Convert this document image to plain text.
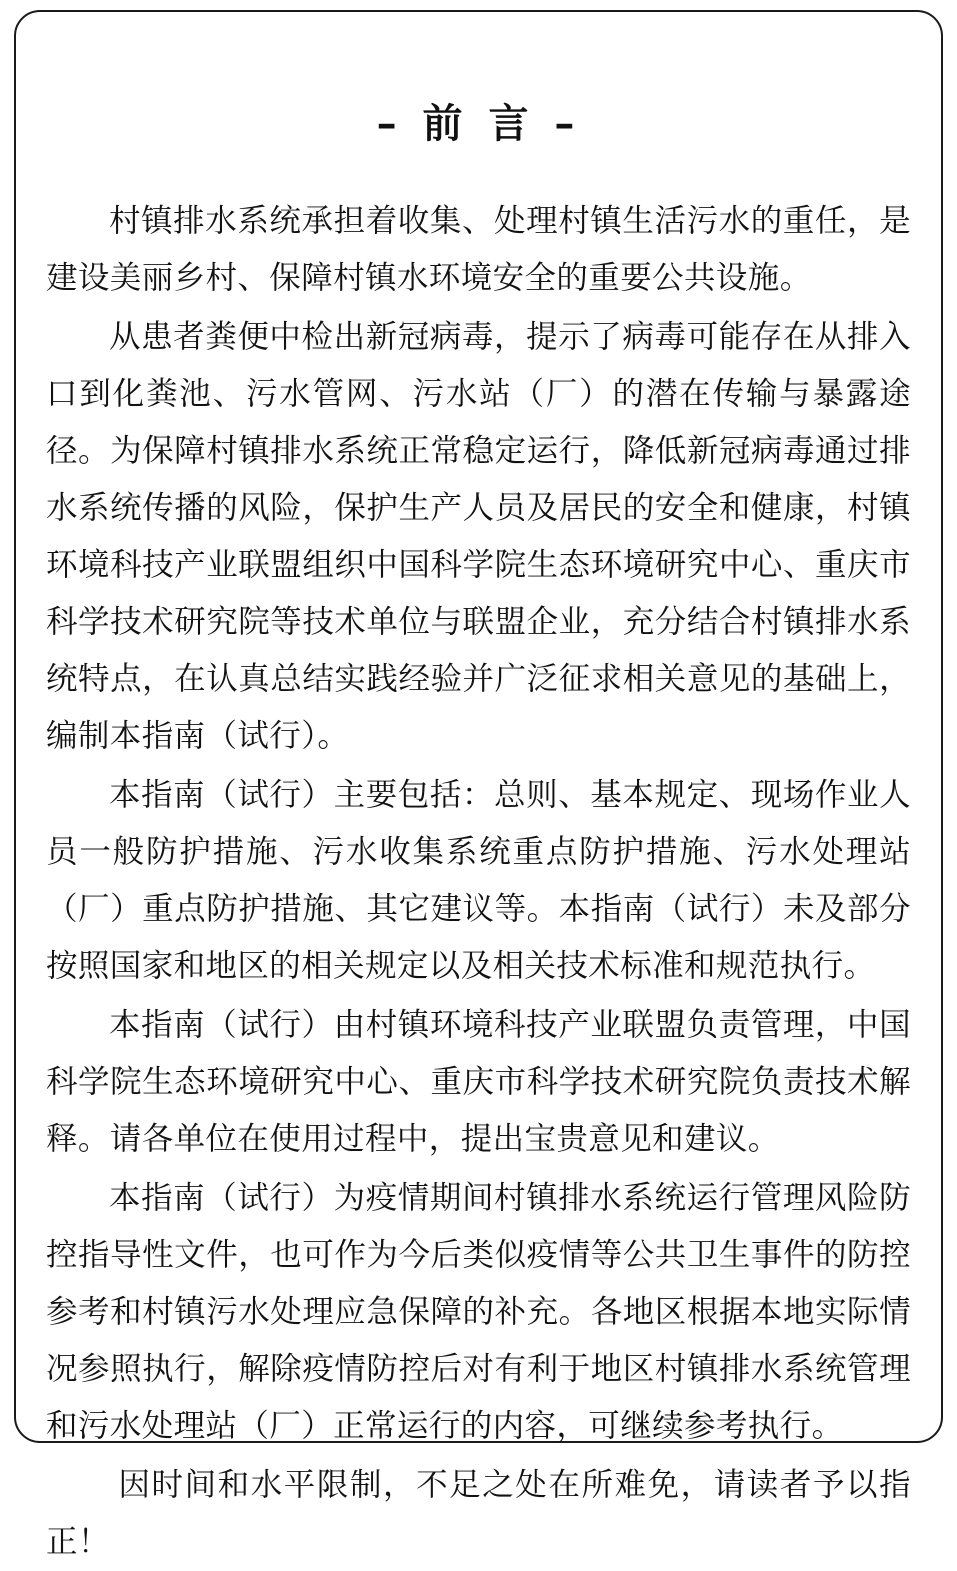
– 前 言 –

村镇排水系统承担着收集、处理村镇生活污水的重任，是建设美丽乡村、保障村镇水环境安全的重要公共设施。

从患者粪便中检出新冠病毒，提示了病毒可能存在从排入口到化粪池、污水管网、污水站（厂）的潜在传输与暴露途径。为保障村镇排水系统正常稳定运行，降低新冠病毒通过排水系统传播的风险，保护生产人员及居民的安全和健康，村镇环境科技产业联盟组织中国科学院生态环境研究中心、重庆市科学技术研究院等技术单位与联盟企业，充分结合村镇排水系统特点，在认真总结实践经验并广泛征求相关意见的基础上，编制本指南（试行）。

本指南（试行）主要包括：总则、基本规定、现场作业人员一般防护措施、污水收集系统重点防护措施、污水处理站（厂）重点防护措施、其它建议等。本指南（试行）未及部分按照国家和地区的相关规定以及相关技术标准和规范执行。

本指南（试行）由村镇环境科技产业联盟负责管理，中国科学院生态环境研究中心、重庆市科学技术研究院负责技术解释。请各单位在使用过程中，提出宝贵意见和建议。

本指南（试行）为疫情期间村镇排水系统运行管理风险防控指导性文件，也可作为今后类似疫情等公共卫生事件的防控参考和村镇污水处理应急保障的补充。各地区根据本地实际情况参照执行，解除疫情防控后对有利于地区村镇排水系统管理和污水处理站（厂）正常运行的内容，可继续参考执行。

因时间和水平限制，不足之处在所难免，请读者予以指正！
